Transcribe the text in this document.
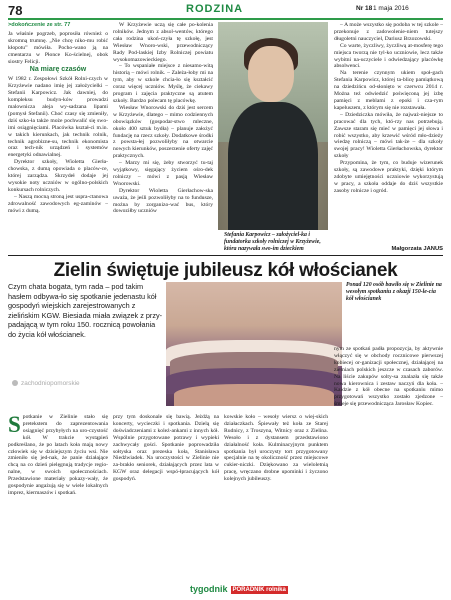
78	RODZINA	Nr 18 1 maja 2016
>dokończenie ze str. 77

Ja właśnie pogrzeb, poprosiła również o skromną trumnę. „Nie chcę niko-mu robić kłopotu” mówiła. Pocho-wano ją na cmentarzu w Płonce Ko-ścielnej, obok siostry Felicji.

Na miarę czasów

W 1982 r. Zespołowi Szkół Rolni-czych w Krzyżewie nadano imię jej założycielki – Stefanii Karpowicz. Jak dawniej, do kompleksu budyn-ków prowadzi malownicza aleja wy-sadzana lipami (pomysł Stefanii). Choć czasy się zmieniły, dziś szko-ła także może pochwalić się swo-imi osiągnięciami. Placówka kształ-ci m.in. w takich kierunkach, jak technik rolnik, technik agrobizne-su, technik ekonomista oraz tech-nik urządzeń i systemów energetyki odnawialnej.

Dyrektor szkoły, Wioletta Gierła-chowska, z dumą opowiada o placów-ce, której zarządza. Skrzydeł dodaje jej wysokie noty uczniów w ogólno-polskich konkursach rolniczych.

– Naszą mocną stroną jest uspra-ctanowa zdrowalność zawodowych eg-zaminów – mówi z dumą.

W Krzyżewie uczą się całe po-kolenia rolników. Jednym z absol-wentów, którego cała rodzina ukoń-czyła tę szkołę, jest Wiesław Wnoro-wski, przewodniczący Rady Pod-laskiej Izby Rolniczej powiatu wysokomazowieckiego.

– To wspaniałe miejsce z niesamo-witą historią – mówi rolnik. – Zależa-łoby mi na tym, aby w szkole chcia-ło się kształcić coraz więcej uczniów. Myślę, że ciekawy program i zajęcia praktyczne są atutem szkoły. Bardzo polecam tę placówkę.

Wiesław Wnorowski do dziś jest sercem w Krzyżewie, dlatego – mimo codziennych obowiązków (gospodar-stwo mleczne, około 400 sztuk bydła) – planuje założyć fundację na rzecz szkoły. Dodatkowe środki z powsta-łej pozwoliłyby na otwarcie nowych kierunków, poszerzenie oferty zajęć praktycznych.

– Marzy mi się, żeby stworzyć tu-taj wyjątkowy, sięgający życiem ośro-dek rolniczy – mówi z pasją Wiesław Wnorowski.

Dyrektor Wioletta Gierłachow-ska uważa, że jeśli pozwoliłyby na to fundusze, można by zorganizo-wać bus, który dowoziłby uczniów

Stefania Karpowicz – założyciel-ka i fundatorka szkoły rolniczej w Krzyżewie, która nazywała swo-im dzieckiem

– A może wszystko się podoba w tej szkole – przekonuje z zadowolenie-niem tutejszy długoletni nauczyciel, Dariusz Brzozowski.

Co warte, życzliwy, życzliwą at-mosferę tego miejsca tworzą nie tyl-ko uczniowie, lecz także wybitni na-uczyciele i odwiedzający placówkę absolwenci.

Na terenie czynnym ukiem społ-gach Stefania Karpowicz, której ta-blicę pamiątkową na dziedzińcu od-słonięto w czerwcu 2014 r. Można też odwiedzić poświęconą jej izbę pamięci z meblami z epoki i cza-rym kapeluszem, z którym się nie rozstawała.

– Dziedziczka mówiła, że najważ-niejsze to pracować dla tych, któ-rzy nas potrzebują. Zawsze staram się mieć w pamięci jej słowa i robić wszystko, aby krzewić wśród mło-dzieży wiedzę rolniczą – mówi tak-że – dla szkoły swojej pracy! Wioletta Gierłachowska, dyrektor szkoły

Przypomina, że tym, co buduje wizerunek szkoły, są zawodowe praktyki, dzięki którym zdobyte umiejętności uczniowie wykorzystują w pracy, a szkoła oddaje do dziś wszystkie zasoby rolnicze i ogród.

Małgorzata JANUS
Zielin świętuje jubileusz kół włościanek
Czym chata bogata, tym rada – pod takim hasłem odbywa-ło się spotkanie jedenastu kół gospodyń wiejskich zarejestrowanych z zielińskim KGW. Biesiada miała związek z przy-padającą w tym roku 150. rocznicą powołania do życia kół włościanek.
zachodniopomorskie
Ponad 120 osób bawiło się w Zielinie na wesołym spotkaniu z okazji 150-le-cia kół włościanek
Spotkanie w Zielinie stało się pretekstem do zaprezentowania osiągnięć przybyłych na uro-czystość kół. W trakcie wystąpień podkreślano, że po latach koła mają nowy człowiek się w dzisiejszym życiu wsi. Nie zmieniło się jed-nak, że panie działające chcą na co dzień pielęgnują tradycje regio-nalne, w swoich społecznościach. Przedstawione materiały pokazy-wały, że gospodynie angażują się w wiele lokalnych imprez, kiermaszów i spotkań.

przy tym doskonale się bawią. Jeżdżą na koncerty, wycieczki i spotkania. Dzielą się doświadczeniami z koleż-ankami z innych kół. Wspólnie przygotowane potrawy i wypieki zachwycały gości. Spotkanie poprowadziła sołtyska oraz prezeska koła, Stanisława Niedźwiadek. Na uroczystości w Zielinie nie za-brakło seniorek, działających przez lata w KGW oraz delegacji wspó-łpracujących kół gospodyń.

kowskie koło – wesoły wiersz o wiej-skich działaczkach. Śpiewały też koła ze Starej Rudnicy, z Troszyna, Witnicy oraz z Zielina. Wesoło i z dystansem przedstawiono działalność koła. Kulminacyjnym punktem spotkania był uroczysty tort przygotowany specjalnie na tę okoliczność przez miejscowe cukier-niczki. Dziękowano za wieloletnią pracę, wręczano drobne upominki i życzono kolejnych jubileuszy.

nym ze spotkań padła propozycja, by aktywnie włączyć się w obchody rocznicowe pierwszej kobiecej or-ganizacji społecznej, działającej na ziemiach polskich jeszcze w czasach zaborów. Na liście zakupów solty-sa znalazła się także nowa kierownica i zestaw naczyń dla koła. – Kaidzie z kół obecne na spotkaniu mimo przygotowań wszystko zostało zjedzone – śmieje się przewodnicząca Jarosław Kopiec.

tygodnik PORADNIK rolnika
